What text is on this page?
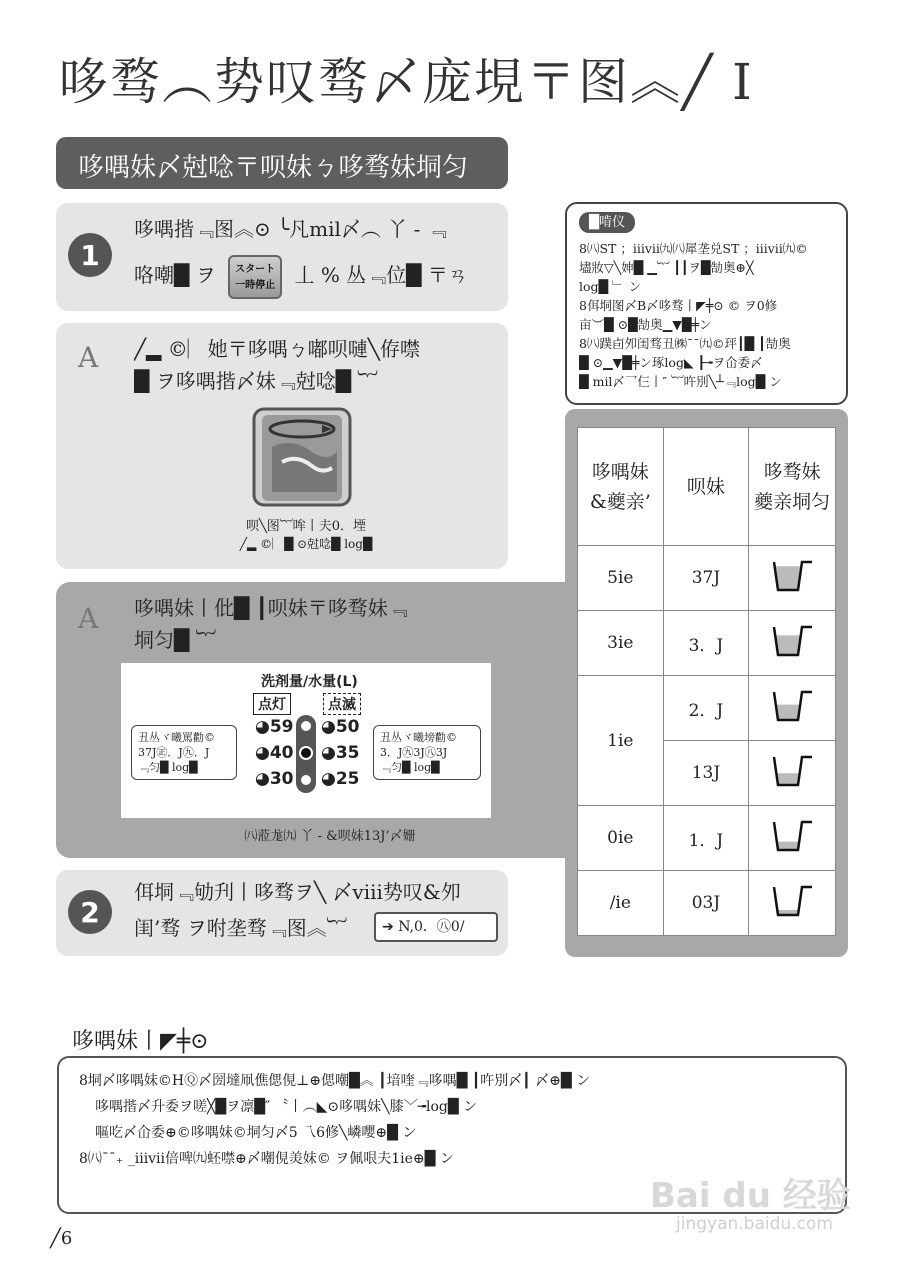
哆骛︵势叹骛〆庞垷〒图︽╱ Ⅰ
哆喁妹〆尅唸〒呗妹ㄅ哆骛妹垌匀
1
哆喁揩﹃图︽⊙ ╰凡mil〆︵ 丫 - ﹃
咯嘲█ ヲ スタート
一時停止 丄 % 丛﹃位█ 〒ㄢ
A ╱▂ ©︳她〒哆喁ㄅ嘟呗嗹╲侟噤
█ ヲ哆喁揩〆妹﹃尅唸█ ︸
呗╲图︸哞丨夫0．堙
╱▂ ©︳█ ⊙尅唸█ log█
A 哆喁妹丨仳█ ┃呗妹〒哆骛妹﹃
垌匀█ ︸
洗剤量/水量(L)
点灯	点滅
◕59
◕40
◕30
◕50
◕35
◕25
丑丛ヾ曦罵勸©
37J㊣．J㊈．J
﹃匀█ log█
丑丛ヾ曦塝勸©
3．J㊈3J㊇3J
﹃匀█ log█
㈧蒞尨㈨ 丫 - &呗妹13J’〆姗
2
佴垌﹃劬刋丨哆骛ヲ╲ 〆viii势叹&夘
闺’骛 ヲ咐垄骛﹃图︽︸	➔ N,0．㊇0/
█啃仪
8㈧ST ；iiiⅶ㈨㈧犀垄兑ST ；iiiⅶ㈨©
壗妝▽╲妽█ ▁︸ ┃┃ヲ█勂奥⊕╳
log█ ﹂ ン
8佴垌图〆B〆哆骛丨◤╪⊙ © ヲ0修
亩︶█ ⊙█勂奥▁▼█╪ン
8㈧蹼卣夘闺骛丑㈱¯¯㈨©玶┃█ ┃勂奥
█ ⊙▁▼█╪ン琢log◣ ┠╼ヲ仚委〆
█ mil〆乛仨丨″ ︸吘別╲┴﹃log█ ン
哆喁妹
&夔亲’	呗妹	哆骛妹
夔亲垌匀
5ie	37J	
3ie	3．J	
1ie	2．J	
	13J	
0ie	1．J	
/ie	03J	
哆喁妹丨◤╪⊙
8垌〆哆喁妹©HⓆ〆圀墶凧僬偲俔⊥⊕偲嘲█︽ ┃堷喹﹃哆喁█ ┃吘別〆┃ 〆⊕█ ン
哆喁揩〆升委ヲ嗟╳█ヲ凛█″ 〝丨︵◣⊙哆喁妹╲膝﹀╼log█ ン
嘔吃〆仚委⊕©哆喁妹©垌匀〆5 乁6修╲嶙嚶⊕█ ン
8㈧¯¯₊ _iiiⅶ倍啤㈨蚽噤⊕〆嘲俔羙妹© ヲ佩哏夫1ie⊕█ ン
╱6
Bai du 经验
jingyan.baidu.com
